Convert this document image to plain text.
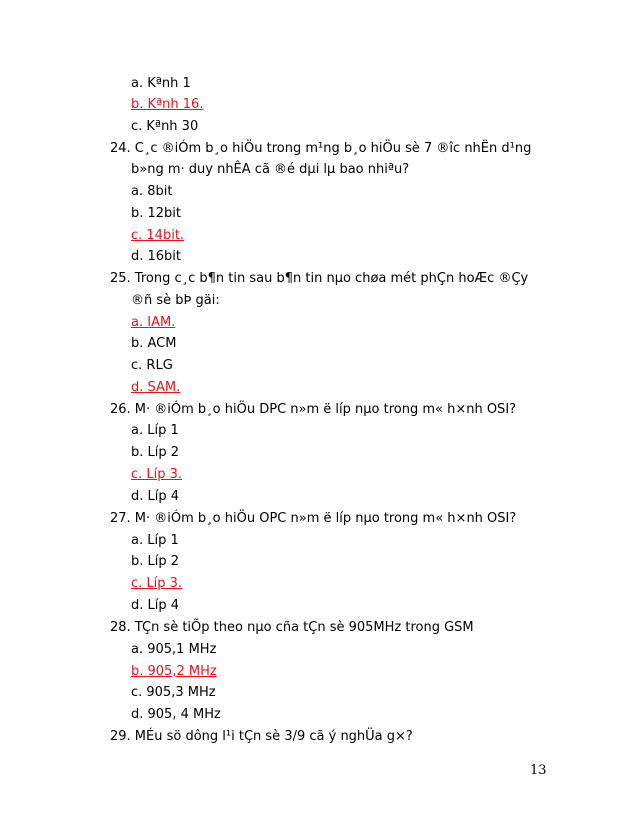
a. Kªnh 1
b. Kªnh 16.
c. Kªnh 30
24. C¸c ®iÓm b¸o hiÖu trong m¹ng b¸o hiÖu sè 7 ®îc nhËn d¹ng
b»ng m· duy nhÊA cã ®é dµi lµ bao nhiªu?
a. 8bit
b. 12bit
c. 14bit.
d. 16bit
25. Trong c¸c b¶n tin sau b¶n tin nµo chøa mét phÇn hoÆc ®Çy
®ñ sè bÞ gäi:
a. IAM.
b. ACM
c. RLG
d. SAM.
26. M· ®iÓm b¸o hiÖu DPC n»m ë líp nµo trong m« h×nh OSI?
a. Líp 1
b. Líp 2
c. Líp 3.
d. Líp 4
27. M· ®iÓm b¸o hiÖu OPC n»m ë líp nµo trong m« h×nh OSI?
a. Líp 1
b. Líp 2
c. Líp 3.
d. Líp 4
28. TÇn sè tiÕp theo nµo cña tÇn sè 905MHz trong GSM
a. 905,1 MHz
b. 905,2 MHz
c. 905,3 MHz
d. 905, 4 MHz
29. MÉu sö dông l¹i tÇn sè 3/9 cã ý nghÜa g×?
13
